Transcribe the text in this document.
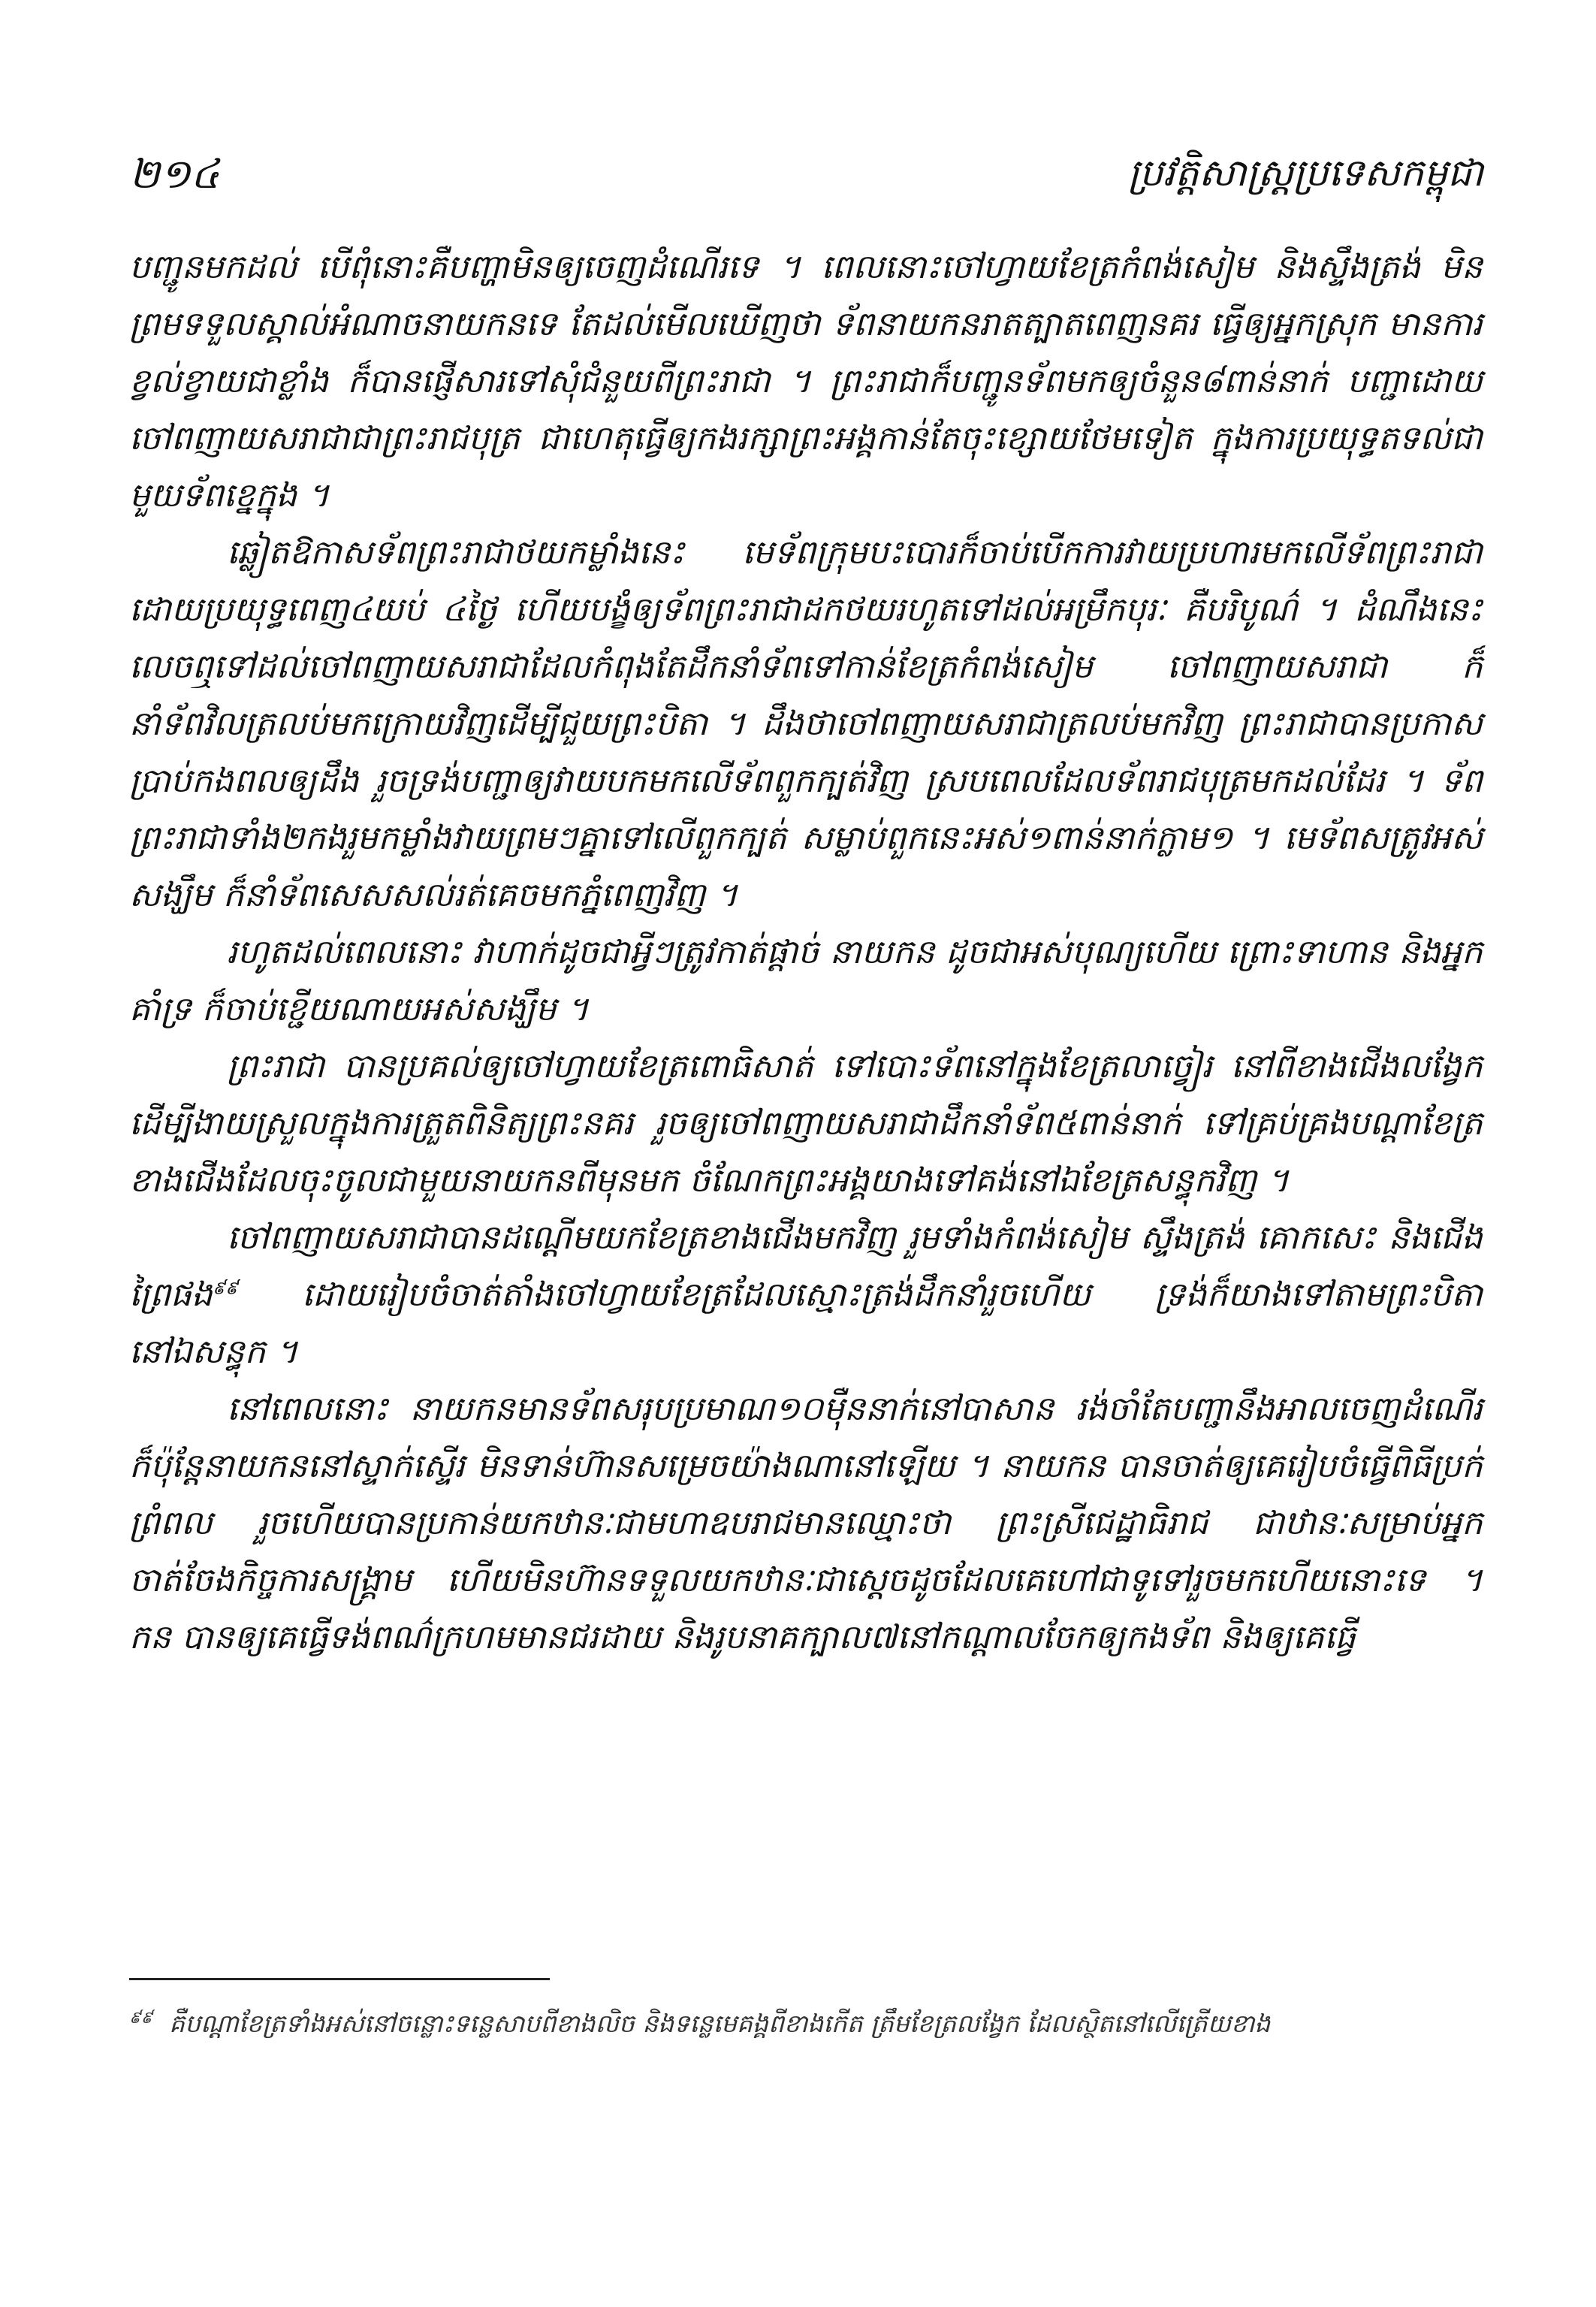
២១៤	ប្រវត្តិសាស្ត្រប្រទេសកម្ពុជា

បញ្ជូនមកដល់ បើពុំនោះគឺបញ្ហាមិនឲ្យចេញដំណើរទេ ។ ពេលនោះចៅហ្វាយខែត្រកំពង់សៀម និងស្ទឹងត្រង់ មិនព្រមទទួលស្គាល់អំណាចនាយកនទេ តែដល់មើលឃើញថា ទ័ពនាយកនរាតត្បាតពេញនគរ ធ្វើឲ្យអ្នកស្រុក មានការខ្វល់ខ្វាយជាខ្លាំង ក៏បានផ្ញើសារទៅសុំជំនួយពីព្រះរាជា ។ ព្រះរាជាក៏បញ្ជូនទ័ពមកឲ្យចំនួន៨ពាន់នាក់ បញ្ជាដោយចៅពញាយសរាជាជាព្រះរាជបុត្រ ជាហេតុធ្វើឲ្យកងរក្សាព្រះអង្គកាន់តែចុះខ្សោយថែមទៀត ក្នុងការប្រយុទ្ធតទល់ជាមួយទ័ពខ្នេក្នុង ។

ឆ្លៀតឱកាសទ័ពព្រះរាជាថយកម្លាំងនេះ មេទ័ពក្រុមបះបោរក៏ចាប់បើកការវាយប្រហារមកលើទ័ពព្រះរាជា ដោយប្រយុទ្ធពេញ៤យប់ ៤ថ្ងៃ ហើយបង្ខំឲ្យទ័ពព្រះរាជាដកថយរហូតទៅដល់អម្រឹកបុរៈ គឺបរិបូណ៌ ។ ដំណឹងនេះ លេចឮទៅដល់ចៅពញាយសរាជាដែលកំពុងតែដឹកនាំទ័ពទៅកាន់ខែត្រកំពង់សៀម ចៅពញាយសរាជា ក៏នាំទ័ពវិលត្រលប់មកក្រោយវិញដើម្បីជួយព្រះបិតា ។ ដឹងថាចៅពញាយសរាជាត្រលប់មកវិញ ព្រះរាជាបានប្រកាសប្រាប់កងពលឲ្យដឹង រួចទ្រង់បញ្ជាឲ្យវាយបកមកលើទ័ពពួកក្បត់វិញ ស្របពេលដែលទ័ពរាជបុត្រមកដល់ដែរ ។ ទ័ពព្រះរាជាទាំង២កងរួមកម្លាំងវាយព្រមៗគ្នាទៅលើពួកក្បត់ សម្លាប់ពួកនេះអស់១ពាន់នាក់ក្លាម១ ។ មេទ័ពសត្រូវអស់សង្ឃឹម ក៏នាំទ័ពសេសសល់រត់គេចមកភ្នំពេញវិញ ។

រហូតដល់ពេលនោះ វាហាក់ដូចជាអ្វីៗត្រូវកាត់ផ្តាច់ នាយកន ដូចជាអស់បុណ្យហើយ ព្រោះទាហាន និងអ្នកគាំទ្រ ក៏ចាប់ខ្ជើយណាយអស់សង្ឃឹម ។

ព្រះរាជា បានប្រគល់ឲ្យចៅហ្វាយខែត្រពោធិសាត់ ទៅបោះទ័ពនៅក្នុងខែត្រលាច្វៀរ នៅពីខាងជើងលង្វែក ដើម្បីងាយស្រួលក្នុងការត្រួតពិនិត្យព្រះនគរ រួចឲ្យចៅពញាយសរាជាដឹកនាំទ័ព៥ពាន់នាក់ ទៅគ្រប់គ្រងបណ្តាខែត្រខាងជើងដែលចុះចូលជាមួយនាយកនពីមុនមក ចំណែកព្រះអង្គយាងទៅគង់នៅឯខែត្រសន្ធុកវិញ ។

ចៅពញាយសរាជាបានដណ្តើមយកខែត្រខាងជើងមកវិញ រួមទាំងកំពង់សៀម ស្ទឹងត្រង់ គោកសេះ និងជើងព្រៃផង$^{៩៩}$ ដោយរៀបចំចាត់តាំងចៅហ្វាយខែត្រដែលស្មោះត្រង់ដឹកនាំរួចហើយ ទ្រង់ក៏យាងទៅតាមព្រះបិតានៅឯសន្ធុក ។

នៅពេលនោះ នាយកនមានទ័ពសរុបប្រមាណ១០ម៉ឺននាក់នៅបាសាន រង់ចាំតែបញ្ជានឹងអាលចេញដំណើរ ក៏ប៉ុន្តែនាយកននៅស្ទាក់ស្ទើរ មិនទាន់ហ៊ានសម្រេចយ៉ាងណានៅឡើយ ។ នាយកន បានចាត់ឲ្យគេរៀបចំធ្វើពិធីប្រក់ព្រំពល រួចហើយបានប្រកាន់យកឋានៈជាមហាឧបរាជមានឈ្មោះថា ព្រះស្រីជេដ្ឋាធិរាជ ជាឋានៈសម្រាប់អ្នកចាត់ចែងកិច្ចការសង្គ្រាម ហើយមិនហ៊ានទទួលយកឋានៈជាស្តេចដូចដែលគេហៅជាទូទៅរួចមកហើយនោះទេ ។ កន បានឲ្យគេធ្វើទង់ពណ៌ក្រហមមានជរដាយ និងរូបនាគក្បាល៧នៅកណ្តាលចែកឲ្យកងទ័ព និងឲ្យគេធ្វើ

$^{៩៩}$ គឺបណ្តាខែត្រទាំងអស់នៅចន្លោះទន្លេសាបពីខាងលិច និងទន្លេមេគង្គពីខាងកើត ត្រឹមខែត្រលង្វែក ដែលស្ថិតនៅលើត្រើយខាង
